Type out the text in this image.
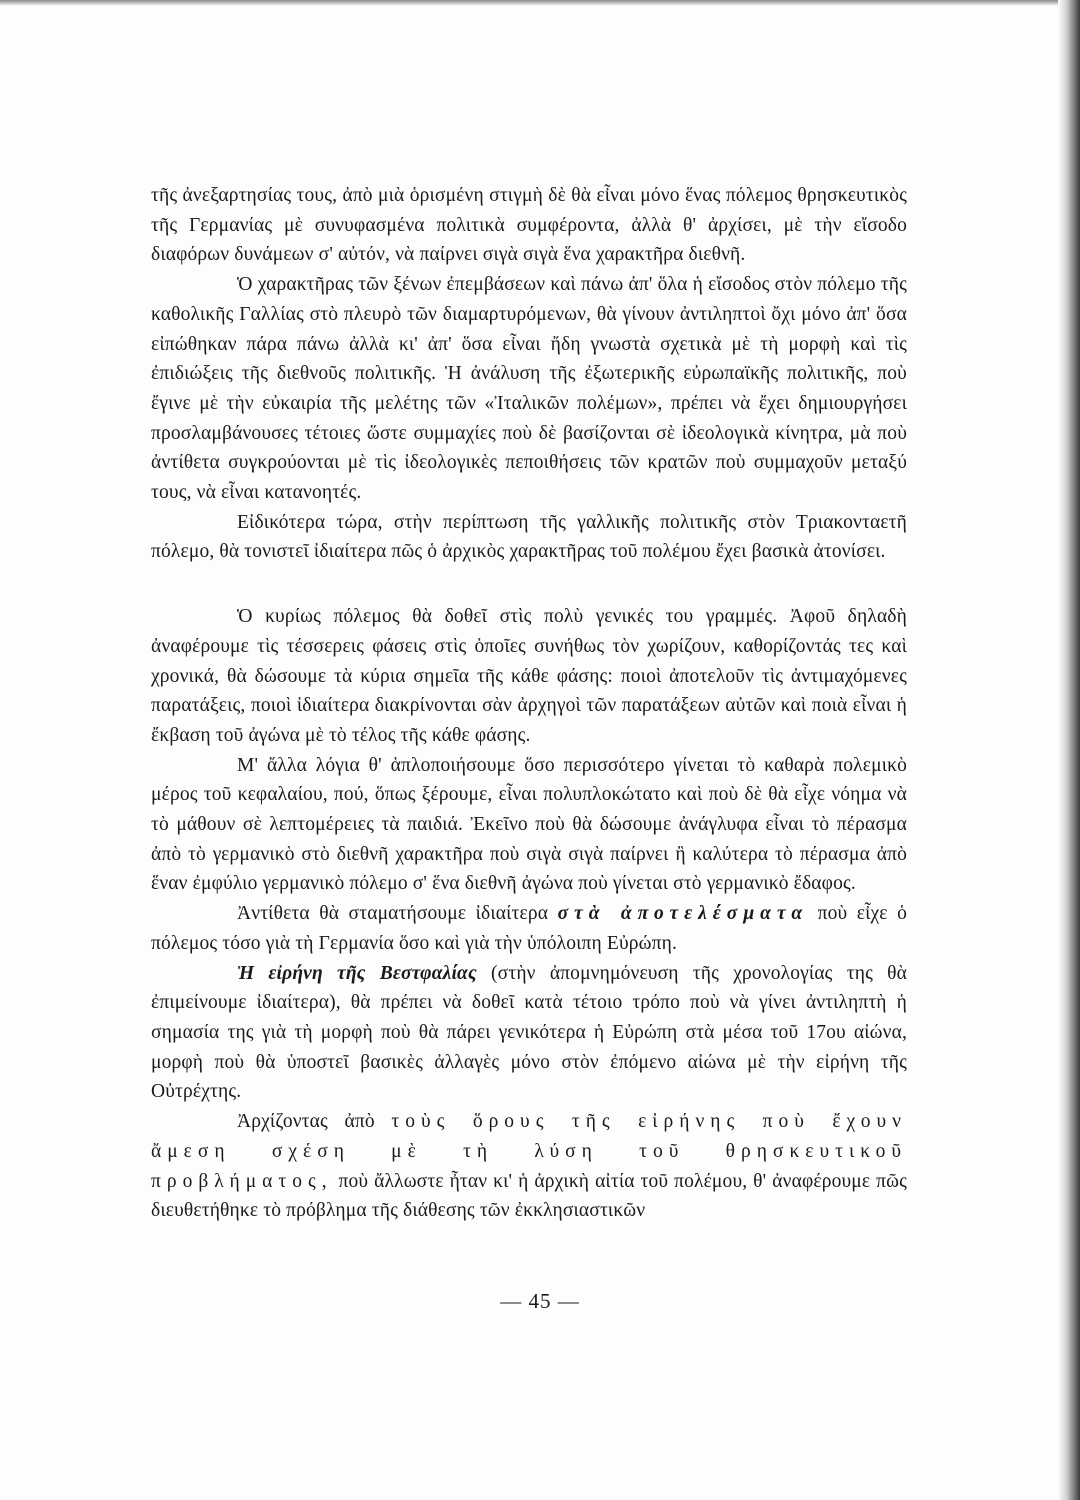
τῆς ἀνεξαρτησίας τους, ἀπὸ μιὰ ὁρισμένη στιγμὴ δὲ θὰ εἶναι μόνο ἕνας πόλεμος θρησκευτικὸς τῆς Γερμανίας μὲ συνυφασμένα πολιτικὰ συμφέροντα, ἀλλὰ θ' ἀρχίσει, μὲ τὴν εἴσοδο διαφόρων δυνάμεων σ' αὐτόν, νὰ παίρνει σιγὰ σιγὰ ἕνα χαρακτῆρα διεθνῆ.

Ὁ χαρακτῆρας τῶν ξένων ἐπεμβάσεων καὶ πάνω ἀπ' ὅλα ἡ εἴσοδος στὸν πόλεμο τῆς καθολικῆς Γαλλίας στὸ πλευρὸ τῶν διαμαρτυρόμενων, θὰ γίνουν ἀντιληπτοὶ ὄχι μόνο ἀπ' ὅσα εἰπώθηκαν πάρα πάνω ἀλλὰ κι' ἀπ' ὅσα εἶναι ἤδη γνωστὰ σχετικὰ μὲ τὴ μορφὴ καὶ τὶς ἐπιδιώξεις τῆς διεθνοῦς πολιτικῆς. Ἡ ἀνάλυση τῆς ἐξωτερικῆς εὐρωπαϊκῆς πολιτικῆς, ποὺ ἔγινε μὲ τὴν εὐκαιρία τῆς μελέτης τῶν «Ἰταλικῶν πολέμων», πρέπει νὰ ἔχει δημιουργήσει προσλαμβάνουσες τέτοιες ὥστε συμμαχίες ποὺ δὲ βασίζονται σὲ ἰδεολογικὰ κίνητρα, μὰ ποὺ ἀντίθετα συγκρούονται μὲ τὶς ἰδεολογικὲς πεποιθήσεις τῶν κρατῶν ποὺ συμμαχοῦν μεταξύ τους, νὰ εἶναι κατανοητές.

Εἰδικότερα τώρα, στὴν περίπτωση τῆς γαλλικῆς πολιτικῆς στὸν Τριακονταετῆ πόλεμο, θὰ τονιστεῖ ἰδιαίτερα πῶς ὁ ἀρχικὸς χαρακτῆρας τοῦ πολέμου ἔχει βασικὰ ἀτονίσει.

Ὁ κυρίως πόλεμος θὰ δοθεῖ στὶς πολὺ γενικές του γραμμές. Ἀφοῦ δηλαδὴ ἀναφέρουμε τὶς τέσσερεις φάσεις στὶς ὁποῖες συνήθως τὸν χωρίζουν, καθορίζοντάς τες καὶ χρονικά, θὰ δώσουμε τὰ κύρια σημεῖα τῆς κάθε φάσης: ποιοὶ ἀποτελοῦν τὶς ἀντιμαχόμενες παρατάξεις, ποιοὶ ἰδιαίτερα διακρίνονται σὰν ἀρχηγοὶ τῶν παρατάξεων αὐτῶν καὶ ποιὰ εἶναι ἡ ἔκβαση τοῦ ἀγώνα μὲ τὸ τέλος τῆς κάθε φάσης.

Μ' ἄλλα λόγια θ' ἁπλοποιήσουμε ὅσο περισσότερο γίνεται τὸ καθαρὰ πολεμικὸ μέρος τοῦ κεφαλαίου, πού, ὅπως ξέρουμε, εἶναι πολυπλοκώτατο καὶ ποὺ δὲ θὰ εἶχε νόημα νὰ τὸ μάθουν σὲ λεπτομέρειες τὰ παιδιά. Ἐκεῖνο ποὺ θὰ δώσουμε ἀνάγλυφα εἶναι τὸ πέρασμα ἀπὸ τὸ γερμανικὸ στὸ διεθνῆ χαρακτῆρα ποὺ σιγὰ σιγὰ παίρνει ἢ καλύτερα τὸ πέρασμα ἀπὸ ἕναν ἐμφύλιο γερμανικὸ πόλεμο σ' ἕνα διεθνῆ ἀγώνα ποὺ γίνεται στὸ γερμανικὸ ἔδαφος.

Ἀντίθετα θὰ σταματήσουμε ἰδιαίτερα στὰ ἀποτελέσματα ποὺ εἶχε ὁ πόλεμος τόσο γιὰ τὴ Γερμανία ὅσο καὶ γιὰ τὴν ὑπόλοιπη Εὐρώπη.

Ἡ εἰρήνη τῆς Βεστφαλίας (στὴν ἀπομνημόνευση τῆς χρονολογίας της θὰ ἐπιμείνουμε ἰδιαίτερα), θὰ πρέπει νὰ δοθεῖ κατὰ τέτοιο τρόπο ποὺ νὰ γίνει ἀντιληπτὴ ἡ σημασία της γιὰ τὴ μορφὴ ποὺ θὰ πάρει γενικότερα ἡ Εὐρώπη στὰ μέσα τοῦ 17ου αἰώνα, μορφὴ ποὺ θὰ ὑποστεῖ βασικὲς ἀλλαγὲς μόνο στὸν ἐπόμενο αἰώνα μὲ τὴν εἰρήνη τῆς Οὐτρέχτης.

Ἀρχίζοντας ἀπὸ τοὺς ὅρους τῆς εἰρήνης ποὺ ἔχουν ἄμεση σχέση μὲ τὴ λύση τοῦ θρησκευτικοῦ προβλήματος, ποὺ ἄλλωστε ἦταν κι' ἡ ἀρχικὴ αἰτία τοῦ πολέμου, θ' ἀναφέρουμε πῶς διευθετήθηκε τὸ πρόβλημα τῆς διάθεσης τῶν ἐκκλησιαστικῶν

— 45 —
